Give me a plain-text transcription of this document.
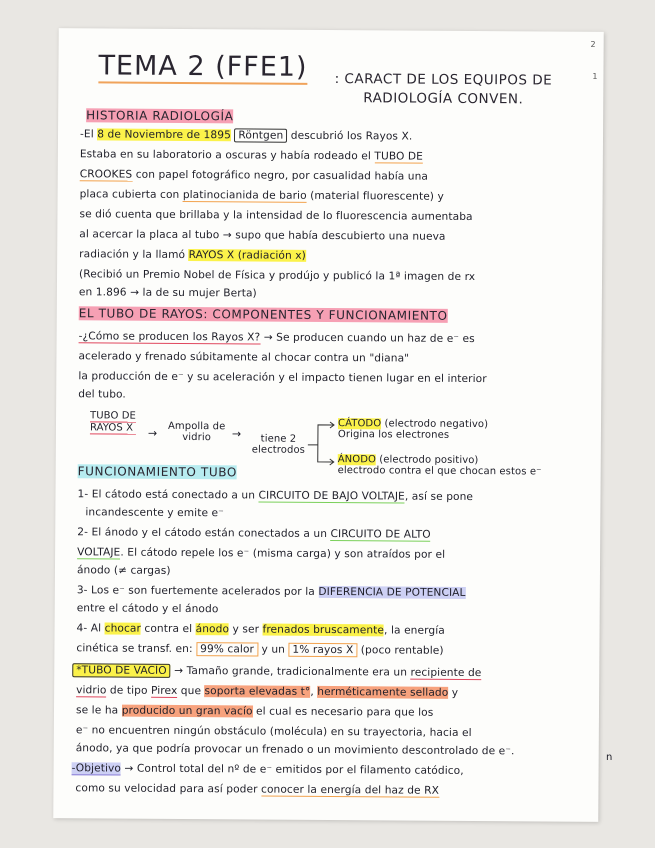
2
1
TEMA 2 (FFE1)	: CARACT DE LOS EQUIPOS DE
RADIOLOGÍA CONVEN.
HISTORIA RADIOLOGÍA
-El 8 de Noviembre de 1895 Röntgen descubrió los Rayos X.
Estaba en su laboratorio a oscuras y había rodeado el TUBO DE
CROOKES con papel fotográfico negro, por casualidad había una
placa cubierta con platinocianida de bario (material fluorescente) y
se dió cuenta que brillaba y la intensidad de lo fluorescencia aumentaba
al acercar la placa al tubo → supo que había descubierto una nueva
radiación y la llamó RAYOS X (radiación x)
(Recibió un Premio Nobel de Física y prodújo y publicó la 1ª imagen de rx
en 1.896 → la de su mujer Berta)
EL TUBO DE RAYOS: COMPONENTES Y FUNCIONAMIENTO
-¿Cómo se producen los Rayos X? → Se producen cuando un haz de e⁻ es
acelerado y frenado súbitamente al chocar contra un "diana"
la producción de e⁻ y su aceleración y el impacto tienen lugar en el interior
del tubo.
TUBO DE
RAYOS X →
Ampolla de
vidrio	→	tiene 2
electrodos
CÁTODO (electrodo negativo)
Origina los electrones
ÁNODO (electrodo positivo)
electrodo contra el que chocan estos e⁻
FUNCIONAMIENTO TUBO
1- El cátodo está conectado a un CIRCUITO DE BAJO VOLTAJE, así se pone
incandescente y emite e⁻
2- El ánodo y el cátodo están conectados a un CIRCUITO DE ALTO
VOLTAJE. El cátodo repele los e⁻ (misma carga) y son atraídos por el
ánodo (≠ cargas)
3- Los e⁻ son fuertemente acelerados por la DIFERENCIA DE POTENCIAL
entre el cátodo y el ánodo
4- Al chocar contra el ánodo y ser frenados bruscamente, la energía
cinética se transf. en: 99% calor y un 1% rayos X (poco rentable)
*TUBO DE VACÍO → Tamaño grande, tradicionalmente era un recipiente de
vidrio de tipo Pirex que soporta elevadas t°, herméticamente sellado y
se le ha producido un gran vacío el cual es necesario para que los
e⁻ no encuentren ningún obstáculo (molécula) en su trayectoria, hacia el
ánodo, ya que podría provocar un frenado o un movimiento descontrolado de e⁻.
-Objetivo → Control total del nº de e⁻ emitidos por el filamento catódico,
como su velocidad para así poder conocer la energía del haz de RX
n
